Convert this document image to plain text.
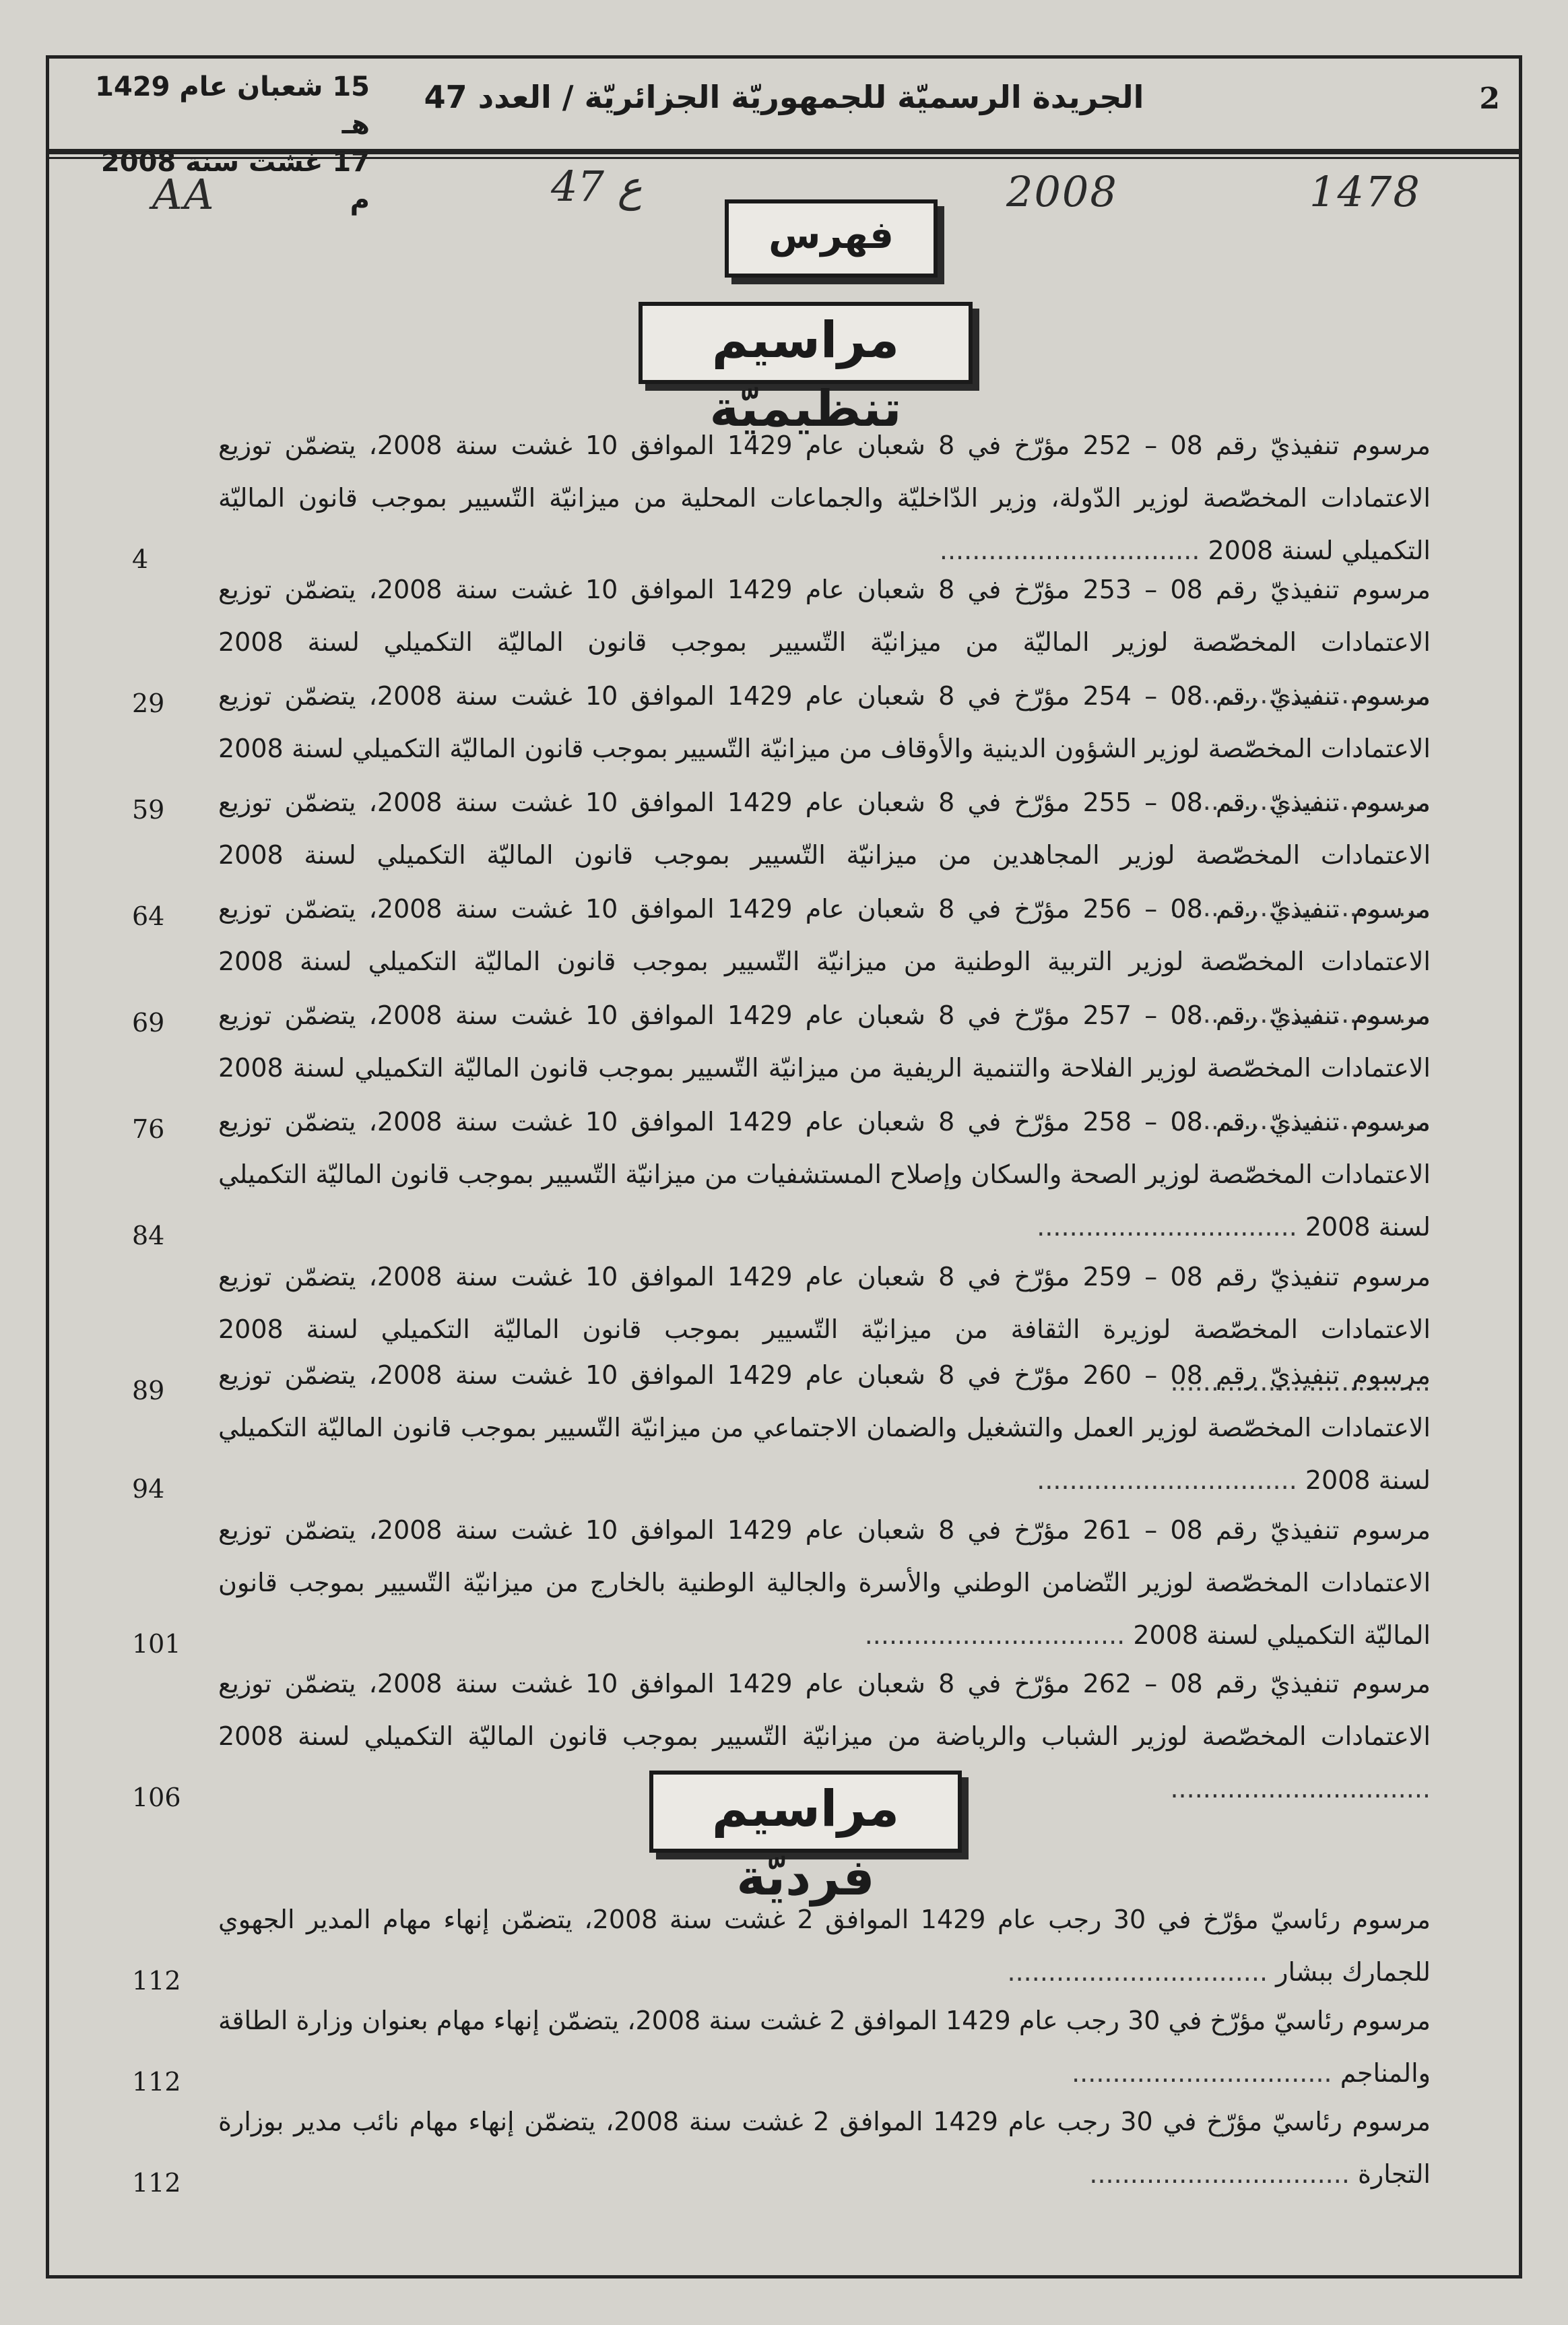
2
الجريدة الرسميّة للجمهوريّة الجزائريّة / العدد 47
15 شعبان عام 1429 هـ
17 غشت سنة 2008 م	1478
2008
ع 47
AA
فهرس
مراسيم تنظيميّة
مرسوم تنفيذيّ رقم 08 – 252 مؤرّخ في 8 شعبان عام 1429 الموافق 10 غشت سنة 2008، يتضمّن توزيع الاعتمادات المخصّصة لوزير الدّولة، وزير الدّاخليّة والجماعات المحلية من ميزانيّة التّسيير بموجب قانون الماليّة التكميلي لسنة 2008 .....
4
مرسوم تنفيذيّ رقم 08 – 253 مؤرّخ في 8 شعبان عام 1429 الموافق 10 غشت سنة 2008، يتضمّن توزيع الاعتمادات المخصّصة لوزير الماليّة من ميزانيّة التّسيير بموجب قانون الماليّة التكميلي لسنة 2008 .....
29 مرسوم تنفيذيّ رقم 08 – 254 مؤرّخ في 8 شعبان عام 1429 الموافق 10 غشت سنة 2008، يتضمّن توزيع الاعتمادات المخصّصة لوزير الشؤون الدينية والأوقاف من ميزانيّة التّسيير بموجب قانون الماليّة التكميلي لسنة 2008 .....
59 مرسوم تنفيذيّ رقم 08 – 255 مؤرّخ في 8 شعبان عام 1429 الموافق 10 غشت سنة 2008، يتضمّن توزيع الاعتمادات المخصّصة لوزير المجاهدين من ميزانيّة التّسيير بموجب قانون الماليّة التكميلي لسنة 2008 .....
64 مرسوم تنفيذيّ رقم 08 – 256 مؤرّخ في 8 شعبان عام 1429 الموافق 10 غشت سنة 2008، يتضمّن توزيع الاعتمادات المخصّصة لوزير التربية الوطنية من ميزانيّة التّسيير بموجب قانون الماليّة التكميلي لسنة 2008 .....
69 مرسوم تنفيذيّ رقم 08 – 257 مؤرّخ في 8 شعبان عام 1429 الموافق 10 غشت سنة 2008، يتضمّن توزيع الاعتمادات المخصّصة لوزير الفلاحة والتنمية الريفية من ميزانيّة التّسيير بموجب قانون الماليّة التكميلي لسنة 2008 .....
76 مرسوم تنفيذيّ رقم 08 – 258 مؤرّخ في 8 شعبان عام 1429 الموافق 10 غشت سنة 2008، يتضمّن توزيع الاعتمادات المخصّصة لوزير الصحة والسكان وإصلاح المستشفيات من ميزانيّة التّسيير بموجب قانون الماليّة التكميلي لسنة 2008 .....
84
مرسوم تنفيذيّ رقم 08 – 259 مؤرّخ في 8 شعبان عام 1429 الموافق 10 غشت سنة 2008، يتضمّن توزيع الاعتمادات المخصّصة لوزيرة الثقافة من ميزانيّة التّسيير بموجب قانون الماليّة التكميلي لسنة 2008 .....
89
مرسوم تنفيذيّ رقم 08 – 260 مؤرّخ في 8 شعبان عام 1429 الموافق 10 غشت سنة 2008، يتضمّن توزيع الاعتمادات المخصّصة لوزير العمل والتشغيل والضمان الاجتماعي من ميزانيّة التّسيير بموجب قانون الماليّة التكميلي لسنة 2008 .....
94
مرسوم تنفيذيّ رقم 08 – 261 مؤرّخ في 8 شعبان عام 1429 الموافق 10 غشت سنة 2008، يتضمّن توزيع الاعتمادات المخصّصة لوزير التّضامن الوطني والأسرة والجالية الوطنية بالخارج من ميزانيّة التّسيير بموجب قانون الماليّة التكميلي لسنة 2008 .....
101
مرسوم تنفيذيّ رقم 08 – 262 مؤرّخ في 8 شعبان عام 1429 الموافق 10 غشت سنة 2008، يتضمّن توزيع الاعتمادات المخصّصة لوزير الشباب والرياضة من ميزانيّة التّسيير بموجب قانون الماليّة التكميلي لسنة 2008 .....
106	مراسيم فرديّة
مرسوم رئاسيّ مؤرّخ في 30 رجب عام 1429 الموافق 2 غشت سنة 2008، يتضمّن إنهاء مهام المدير الجهوي للجمارك ببشار .....
112
مرسوم رئاسيّ مؤرّخ في 30 رجب عام 1429 الموافق 2 غشت سنة 2008، يتضمّن إنهاء مهام بعنوان وزارة الطاقة والمناجم .....
112
مرسوم رئاسيّ مؤرّخ في 30 رجب عام 1429 الموافق 2 غشت سنة 2008، يتضمّن إنهاء مهام نائب مدير بوزارة التجارة .....
112
